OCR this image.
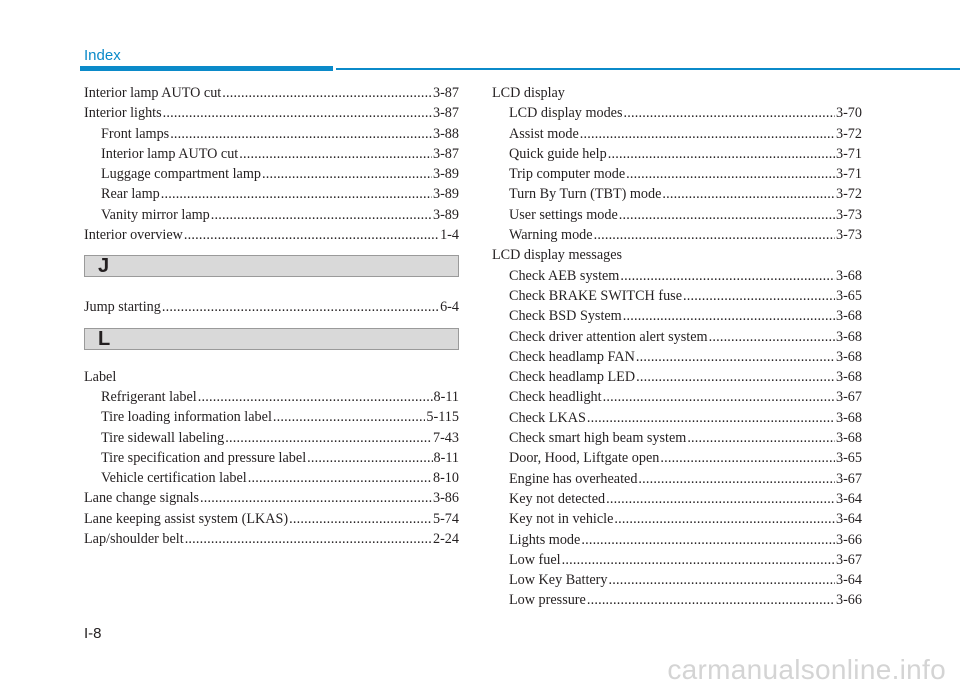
Index
Interior lamp AUTO cut .....	3-87
Interior lights .....	3-87
Front lamps .....	3-88
Interior lamp AUTO cut .....	3-87
Luggage compartment lamp .....	3-89
Rear lamp .....	3-89
Vanity mirror lamp .....	3-89
Interior overview .....	1-4
J
Jump starting .....	6-4
L
Label
Refrigerant label .....	8-11
Tire loading information label .....	5-115
Tire sidewall labeling .....	7-43
Tire specification and pressure label .....	8-11
Vehicle certification label .....	8-10
Lane change signals .....	3-86
Lane keeping assist system (LKAS) .....	5-74
Lap/shoulder belt .....	2-24
LCD display
LCD display modes .....	3-70
Assist mode .....	3-72
Quick guide help .....	3-71
Trip computer mode .....	3-71
Turn By Turn (TBT) mode .....	3-72
User settings mode .....	3-73
Warning mode .....	3-73
LCD display messages
Check AEB system .....	3-68
Check BRAKE SWITCH fuse .....	3-65
Check BSD System .....	3-68
Check driver attention alert system .....	3-68
Check headlamp FAN .....	3-68
Check headlamp LED .....	3-68
Check headlight .....	3-67
Check LKAS .....	3-68
Check smart high beam system .....	3-68
Door, Hood, Liftgate open .....	3-65
Engine has overheated .....	3-67
Key not detected .....	3-64
Key not in vehicle .....	3-64
Lights mode .....	3-66
Low fuel .....	3-67
Low Key Battery .....	3-64
Low pressure .....	3-66
I-8
carmanualsonline.info
